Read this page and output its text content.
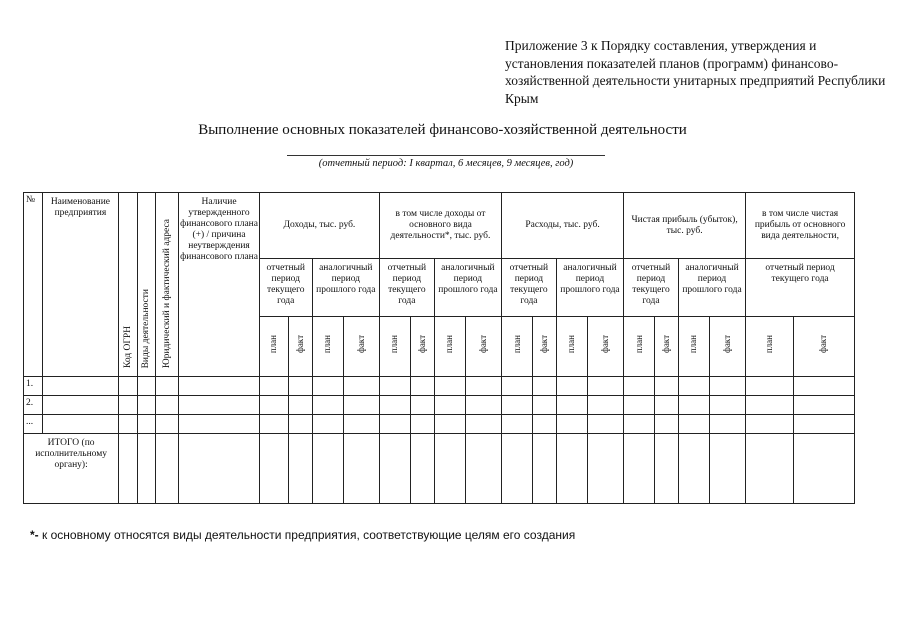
Приложение 3 к Порядку составления, утверждения и установления показателей планов (программ) финансово-хозяйственной деятельности унитарных предприятий Республики Крым
Выполнение основных показателей финансово-хозяйственной деятельности
(отчетный период: I квартал, 6 месяцев, 9 месяцев, год)
№	Наименование предприятия	Код ОГРН	Виды деятельности	Юридический и фактический адреса	Наличие утвержденного финансового плана (+) / причина неутверждения финансового плана	Доходы, тыс. руб.				в том числе доходы от основного вида деятельности*, тыс. руб.				Расходы, тыс. руб.				Чистая прибыль (убыток), тыс. руб.				в том числе чистая прибыль от основного вида деятельности,	
						отчетный период текущего года		аналогичный период прошлого года		отчетный период текущего года		аналогичный период прошлого года		отчетный период текущего года		аналогичный период прошлого года		отчетный период текущего года		аналогичный период прошлого года		отчетный период текущего года	
						план	факт	план	факт	план	факт	план	факт	план	факт	план	факт	план	факт	план	факт	план	факт
1.																							
2.																							
...																							
ИТОГО (по исполнительному органу):																							
*- к основному относятся виды деятельности предприятия, соответствующие целям его создания
